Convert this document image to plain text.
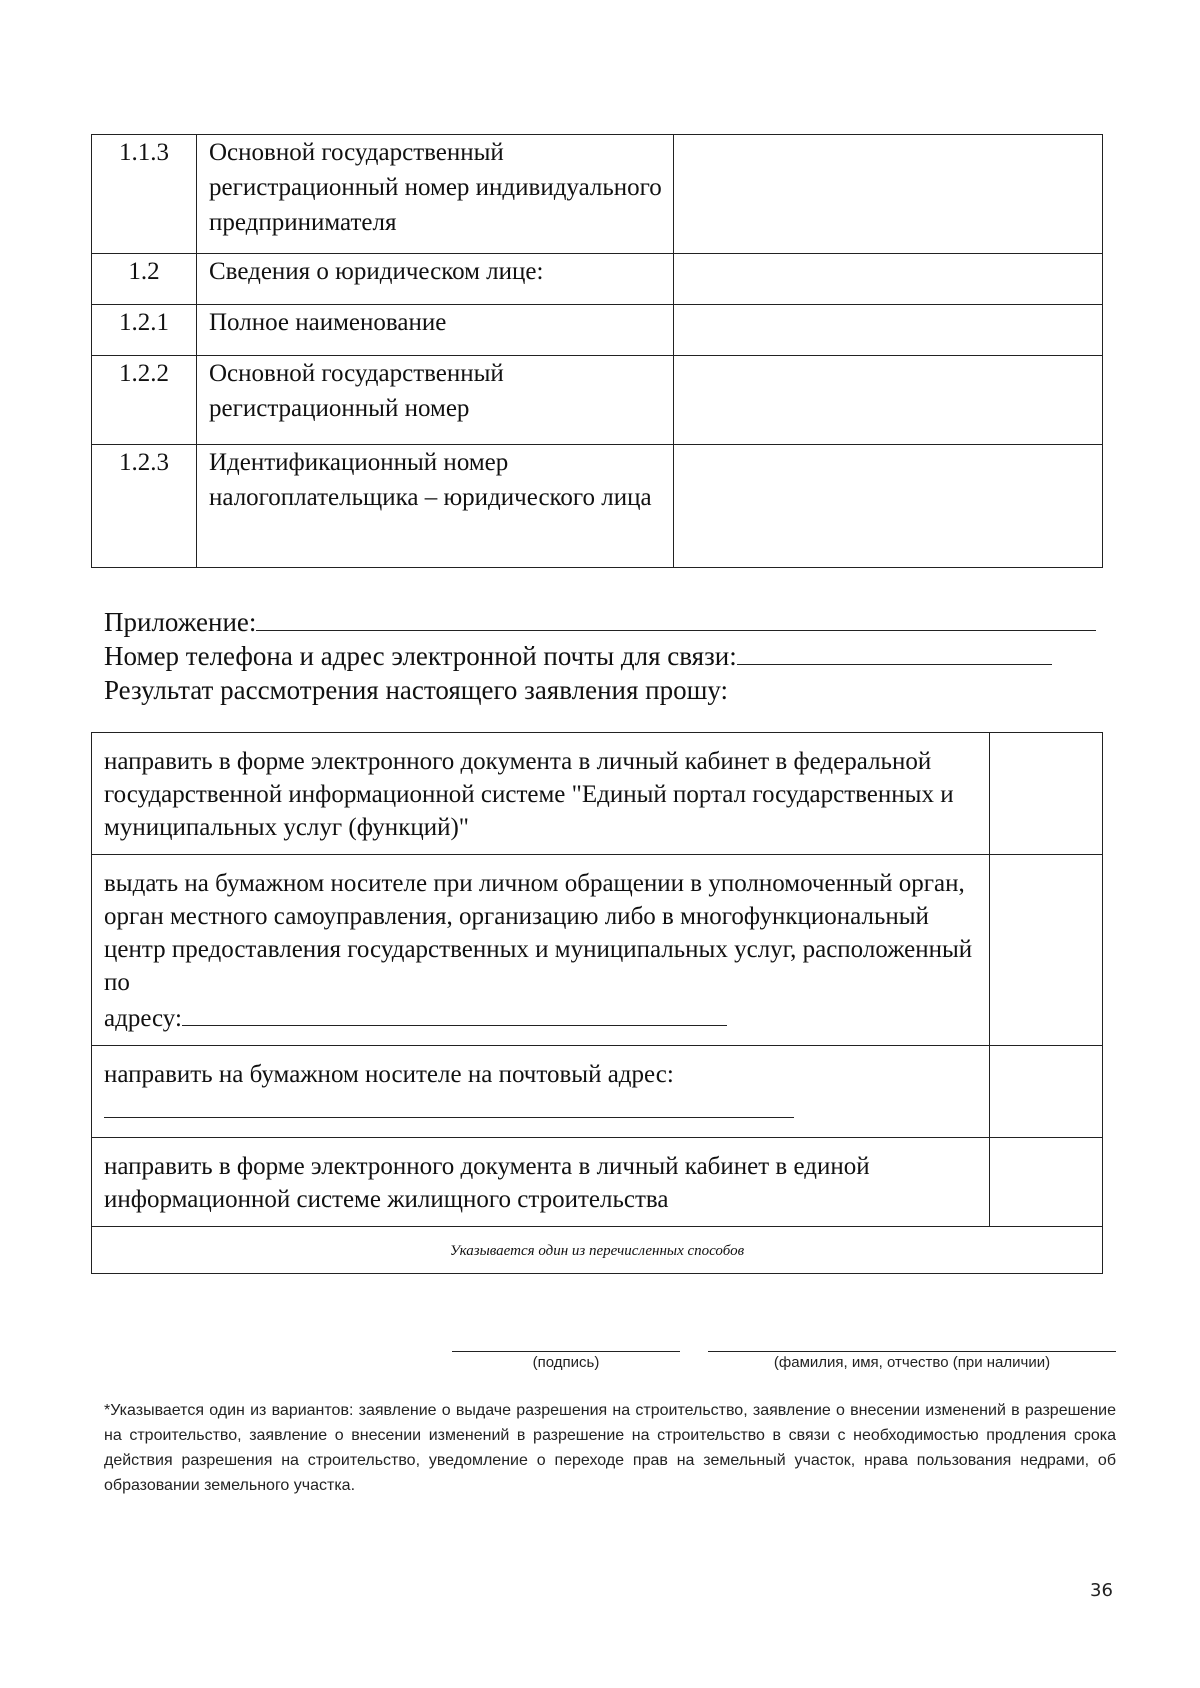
1.1.3	Основной государственный регистрационный номер индивидуального предпринимателя	
1.2	Сведения о юридическом лице:	
1.2.1	Полное наименование	
1.2.2	Основной государственный регистрационный номер	
1.2.3	Идентификационный номер налогоплательщика – юридического лица	
Приложение:
Номер телефона и адрес электронной почты для связи:
Результат рассмотрения настоящего заявления прошу:
направить в форме электронного документа в личный кабинет в федеральной государственной информационной системе "Единый портал государственных и муниципальных услуг (функций)"	
выдать на бумажном носителе при личном обращении в уполномоченный орган, орган местного самоуправления, организацию либо в многофункциональный центр предоставления государственных и муниципальных услуг, расположенный по
адресу:	
направить на бумажном носителе на почтовый адрес:

направить в форме электронного документа в личный кабинет в единой информационной системе жилищного строительства	
Указывается один из перечисленных способов	
(подпись)	(фамилия, имя, отчество (при наличии)
*Указывается один из вариантов: заявление о выдаче разрешения на строительство, заявление о внесении изменений в разрешение на строительство, заявление о внесении изменений в разрешение на строительство в связи с необходимостью продления срока действия разрешения на строительство, уведомление о переходе прав на земельный участок, нрава пользования недрами, об образовании земельного участка.
36
